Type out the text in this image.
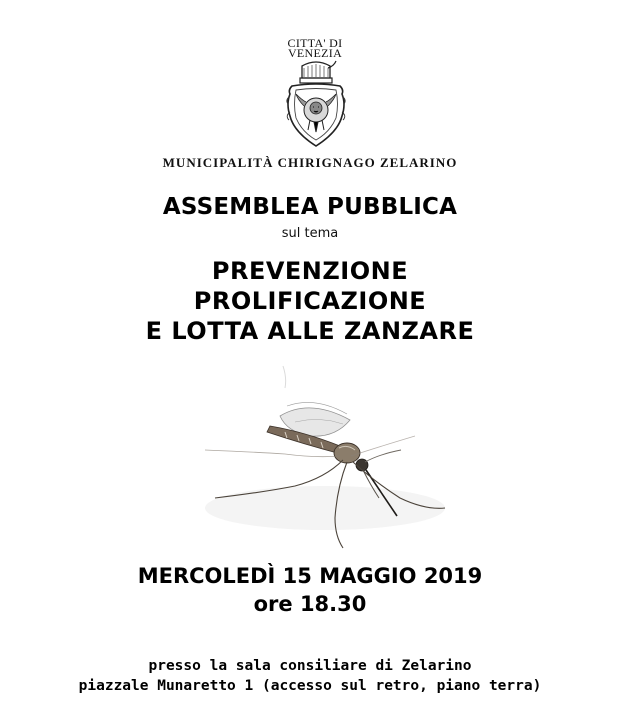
CITTA' DI
VENEZIA
MUNICIPALITÀ CHIRIGNAGO ZELARINO
ASSEMBLEA PUBBLICA
sul tema
PREVENZIONE
PROLIFICAZIONE
E LOTTA ALLE ZANZARE
MERCOLEDÌ 15 MAGGIO 2019
ore 18.30
presso la sala consiliare di Zelarino
piazzale Munaretto 1 (accesso sul retro, piano terra)
